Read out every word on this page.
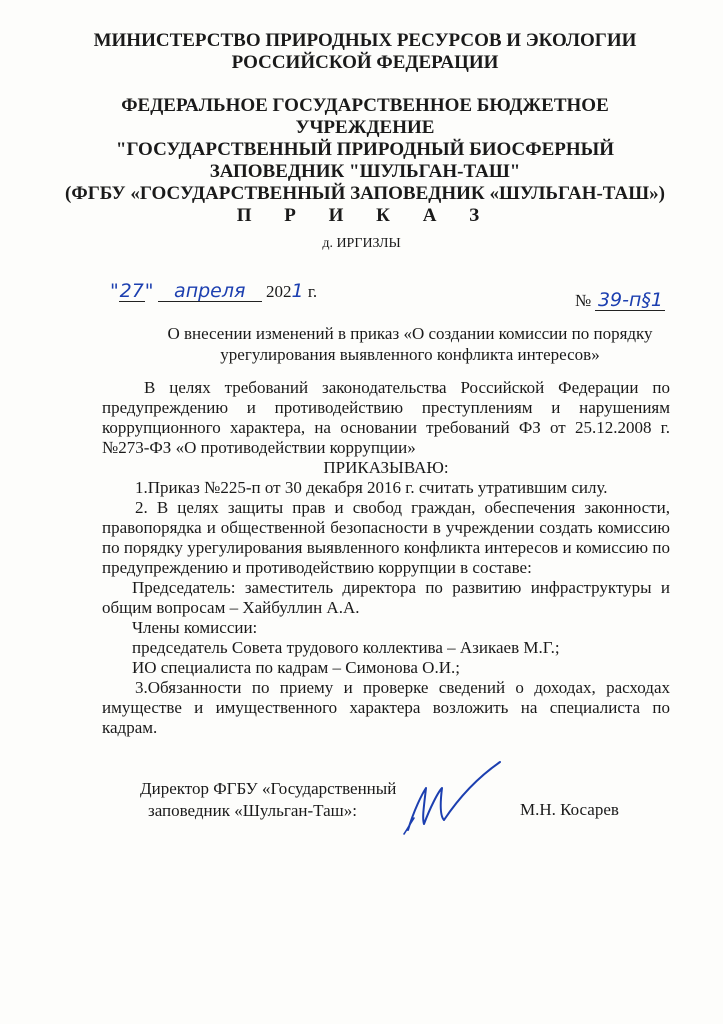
МИНИСТЕРСТВО ПРИРОДНЫХ РЕСУРСОВ И ЭКОЛОГИИ
РОССИЙСКОЙ ФЕДЕРАЦИИ
ФЕДЕРАЛЬНОЕ ГОСУДАРСТВЕННОЕ БЮДЖЕТНОЕ
УЧРЕЖДЕНИЕ
"ГОСУДАРСТВЕННЫЙ ПРИРОДНЫЙ БИОСФЕРНЫЙ
ЗАПОВЕДНИК "ШУЛЬГАН-ТАШ"
(ФГБУ «ГОСУДАРСТВЕННЫЙ ЗАПОВЕДНИК «ШУЛЬГАН-ТАШ»)
П Р И К А З
д. ИРГИЗЛЫ
"27" апреля 2021 г.	№ 39-п§1
О внесении изменений в приказ «О создании комиссии по порядку
урегулирования выявленного конфликта интересов»

В целях требований законодательства Российской Федерации по предупреждению и противодействию преступлениям и нарушениям коррупционного характера, на основании требований ФЗ от 25.12.2008 г. №273-ФЗ «О противодействии коррупции»

ПРИКАЗЫВАЮ:

1.Приказ №225-п от 30 декабря 2016 г. считать утратившим силу.

2. В целях защиты прав и свобод граждан, обеспечения законности, правопорядка и общественной безопасности в учреждении создать комиссию по порядку урегулирования выявленного конфликта интересов и комиссию по предупреждению и противодействию коррупции в составе:

Председатель: заместитель директора по развитию инфраструктуры и общим вопросам – Хайбуллин А.А.

Члены комиссии:

председатель Совета трудового коллектива – Азикаев М.Г.;

ИО специалиста по кадрам – Симонова О.И.;

3.Обязанности по приему и проверке сведений о доходах, расходах имуществе и имущественного характера возложить на специалиста по кадрам.

Директор ФГБУ «Государственный
заповедник «Шульган-Таш»:	М.Н. Косарев
